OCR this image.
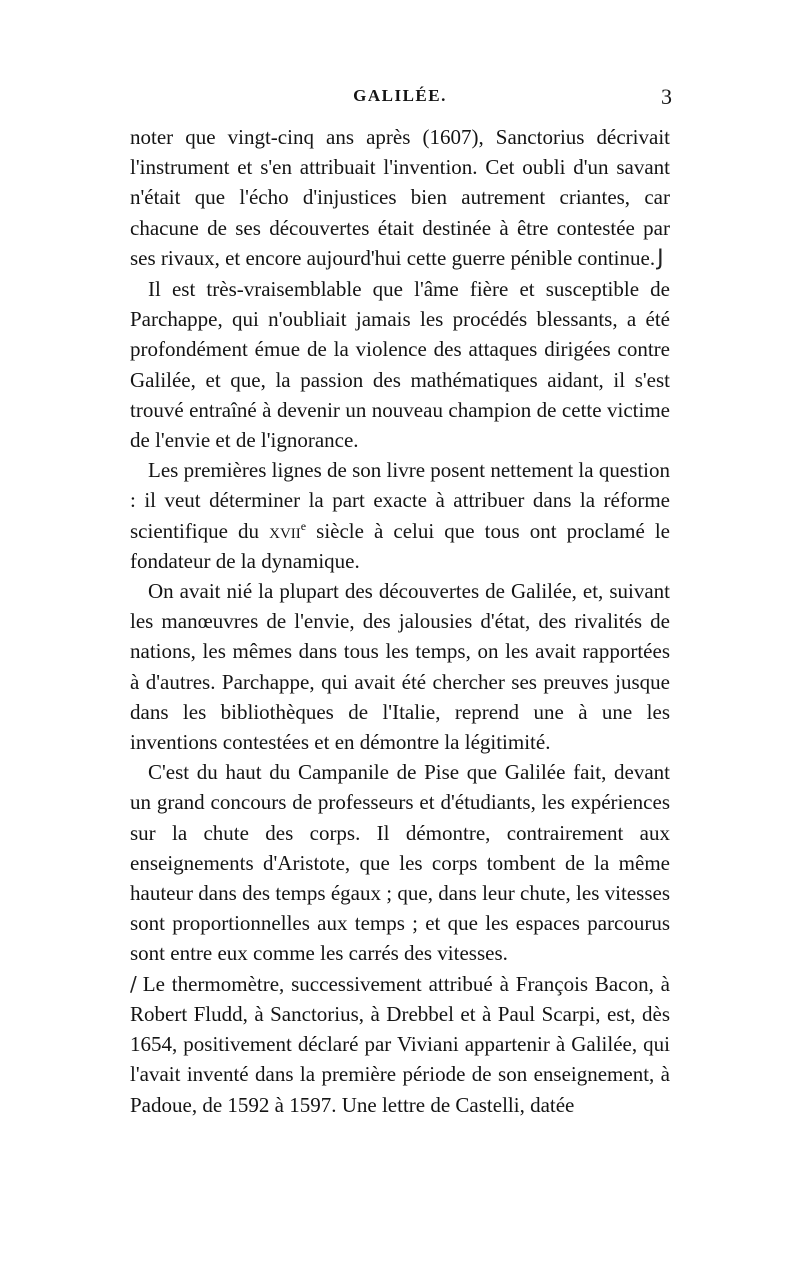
GALILÉE.	3

noter que vingt-cinq ans après (1607), Sanctorius décrivait l'instrument et s'en attribuait l'invention. Cet oubli d'un savant n'était que l'écho d'injustices bien autrement criantes, car chacune de ses découvertes était destinée à être contestée par ses rivaux, et encore aujourd'hui cette guerre pénible continue.J

Il est très-vraisemblable que l'âme fière et susceptible de Parchappe, qui n'oubliait jamais les procédés blessants, a été profondément émue de la violence des attaques dirigées contre Galilée, et que, la passion des mathématiques aidant, il s'est trouvé entraîné à devenir un nouveau champion de cette victime de l'envie et de l'ignorance.

Les premières lignes de son livre posent nettement la question : il veut déterminer la part exacte à attribuer dans la réforme scientifique du xvii$^e$ siècle à celui que tous ont proclamé le fondateur de la dynamique.

On avait nié la plupart des découvertes de Galilée, et, suivant les manœuvres de l'envie, des jalousies d'état, des rivalités de nations, les mêmes dans tous les temps, on les avait rapportées à d'autres. Parchappe, qui avait été chercher ses preuves jusque dans les bibliothèques de l'Italie, reprend une à une les inventions contestées et en démontre la légitimité.

C'est du haut du Campanile de Pise que Galilée fait, devant un grand concours de professeurs et d'étudiants, les expériences sur la chute des corps. Il démontre, contrairement aux enseignements d'Aristote, que les corps tombent de la même hauteur dans des temps égaux ; que, dans leur chute, les vitesses sont proportionnelles aux temps ; et que les espaces parcourus sont entre eux comme les carrés des vitesses.

/ Le thermomètre, successivement attribué à François Bacon, à Robert Fludd, à Sanctorius, à Drebbel et à Paul Scarpi, est, dès 1654, positivement déclaré par Viviani appartenir à Galilée, qui l'avait inventé dans la première période de son enseignement, à Padoue, de 1592 à 1597. Une lettre de Castelli, datée
